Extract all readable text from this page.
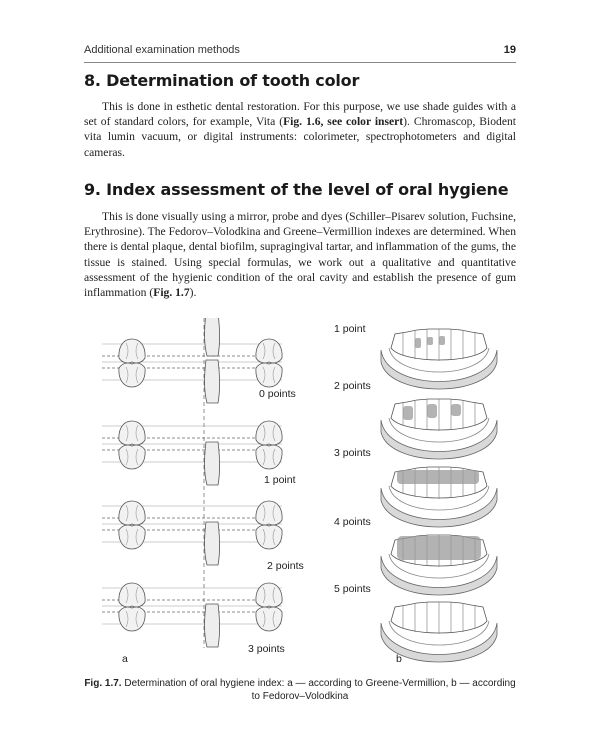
Additional examination methods	19
8. Determination of tooth color

This is done in esthetic dental restoration. For this purpose, we use shade guides with a set of standard colors, for example, Vita (Fig. 1.6, see color insert). Chromascop, Biodent vita lumin vacuum, or digital instruments: colorimeter, spectrophotometers and digital cameras.

9. Index assessment of the level of oral hygiene

This is done visually using a mirror, probe and dyes (Schiller–Pisarev solution, Fuchsine, Erythrosine). The Fedorov–Volodkina and Greene–Vermillion indexes are determined. When there is dental plaque, dental biofilm, supragingival tartar, and inflammation of the gums, the tissue is stained. Using special formulas, we work out a qualitative and quantitative assessment of the hygienic condition of the oral cavity and establish the presence of gum inflammation (Fig. 1.7).

1 point
2 points
3 points
4 points
5 points
0 points
1 point
2 points
3 points
a	b
Fig. 1.7. Determination of oral hygiene index: a — according to Greene-Vermillion, b — according to Fedorov–Volodkina
